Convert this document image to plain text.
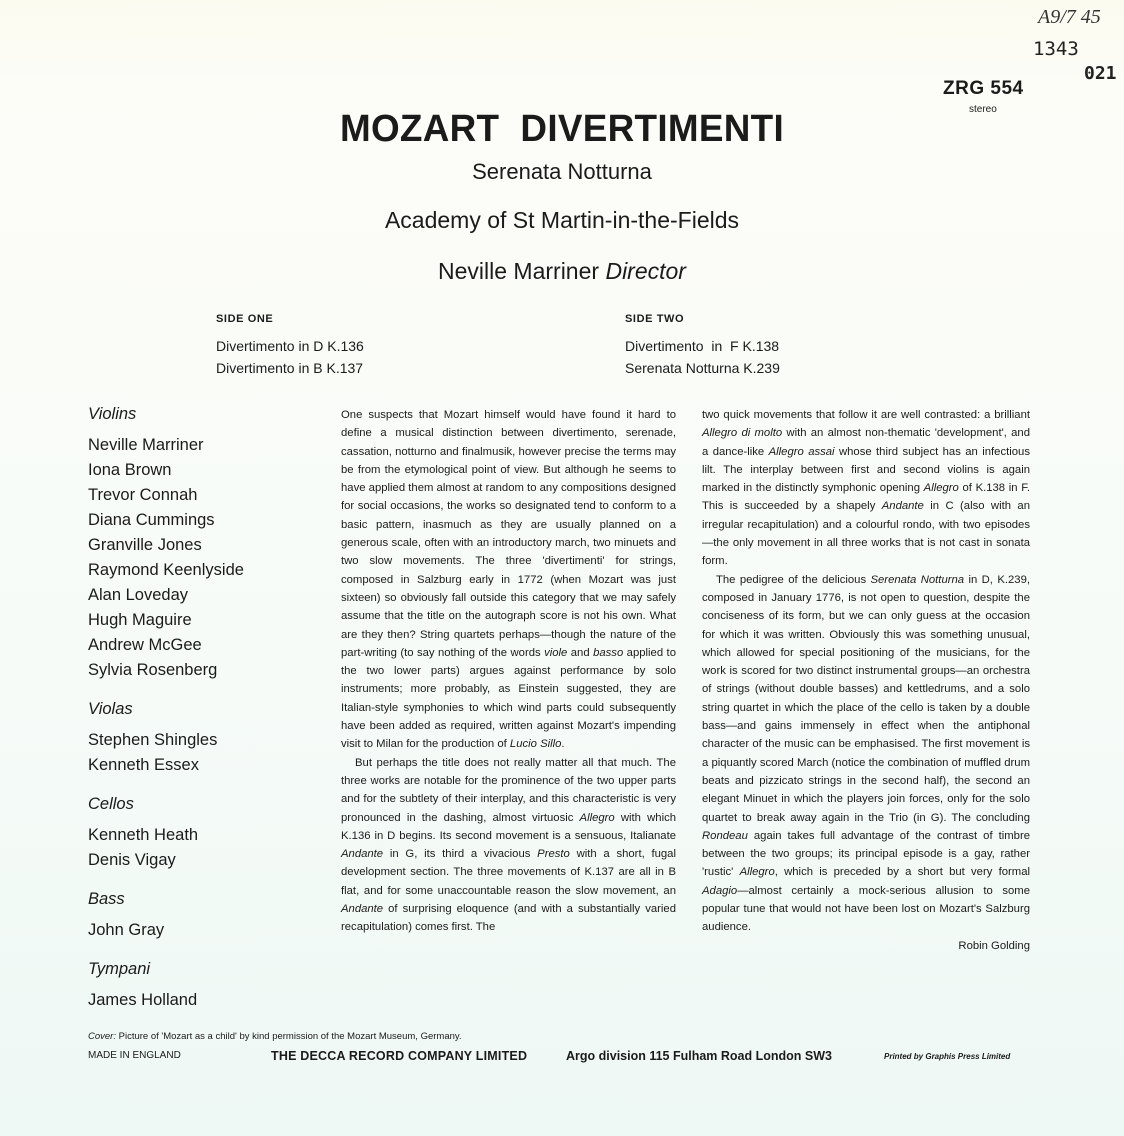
A9/7 45
1343
021
ZRG 554
stereo
MOZART  DIVERTIMENTI
Serenata Notturna
Academy of St Martin-in-the-Fields
Neville Marriner Director
SIDE ONE
Divertimento in D K.136
Divertimento in B K.137
SIDE TWO
Divertimento  in  F K.138
Serenata Notturna K.239
Violins
Neville Marriner
Iona Brown
Trevor Connah
Diana Cummings
Granville Jones
Raymond Keenlyside
Alan Loveday
Hugh Maguire
Andrew McGee
Sylvia Rosenberg
Violas
Stephen Shingles
Kenneth Essex
Cellos
Kenneth Heath
Denis Vigay
Bass
John Gray
Tympani
James Holland

One suspects that Mozart himself would have found it hard to define a musical distinction between divertimento, serenade, cassation, notturno and finalmusik, however precise the terms may be from the etymological point of view. But although he seems to have applied them almost at random to any compositions designed for social occasions, the works so designated tend to conform to a basic pattern, inasmuch as they are usually planned on a generous scale, often with an introductory march, two minuets and two slow movements. The three 'divertimenti' for strings, composed in Salzburg early in 1772 (when Mozart was just sixteen) so obviously fall outside this category that we may safely assume that the title on the autograph score is not his own. What are they then? String quartets perhaps—though the nature of the part-writing (to say nothing of the words viole and basso applied to the two lower parts) argues against performance by solo instruments; more probably, as Einstein suggested, they are Italian-style symphonies to which wind parts could subsequently have been added as required, written against Mozart's impending visit to Milan for the production of Lucio Sillo.

But perhaps the title does not really matter all that much. The three works are notable for the prominence of the two upper parts and for the subtlety of their interplay, and this characteristic is very pronounced in the dashing, almost virtuosic Allegro with which K.136 in D begins. Its second movement is a sensuous, Italianate Andante in G, its third a vivacious Presto with a short, fugal development section. The three movements of K.137 are all in B flat, and for some unaccountable reason the slow movement, an Andante of surprising eloquence (and with a substantially varied recapitulation) comes first. The

two quick movements that follow it are well contrasted: a brilliant Allegro di molto with an almost non-thematic 'development', and a dance-like Allegro assai whose third subject has an infectious lilt. The interplay between first and second violins is again marked in the distinctly symphonic opening Allegro of K.138 in F. This is succeeded by a shapely Andante in C (also with an irregular recapitulation) and a colourful rondo, with two episodes—the only movement in all three works that is not cast in sonata form.

The pedigree of the delicious Serenata Notturna in D, K.239, composed in January 1776, is not open to question, despite the conciseness of its form, but we can only guess at the occasion for which it was written. Obviously this was something unusual, which allowed for special positioning of the musicians, for the work is scored for two distinct instrumental groups—an orchestra of strings (without double basses) and kettledrums, and a solo string quartet in which the place of the cello is taken by a double bass—and gains immensely in effect when the antiphonal character of the music can be emphasised. The first movement is a piquantly scored March (notice the combination of muffled drum beats and pizzicato strings in the second half), the second an elegant Minuet in which the players join forces, only for the solo quartet to break away again in the Trio (in G). The concluding Rondeau again takes full advantage of the contrast of timbre between the two groups; its principal episode is a gay, rather 'rustic' Allegro, which is preceded by a short but very formal Adagio—almost certainly a mock-serious allusion to some popular tune that would not have been lost on Mozart's Salzburg audience.

Robin Golding
Cover: Picture of 'Mozart as a child' by kind permission of the Mozart Museum, Germany.
MADE IN ENGLAND	THE DECCA RECORD COMPANY LIMITED	Argo division 115 Fulham Road London SW3	Printed by Graphis Press Limited
